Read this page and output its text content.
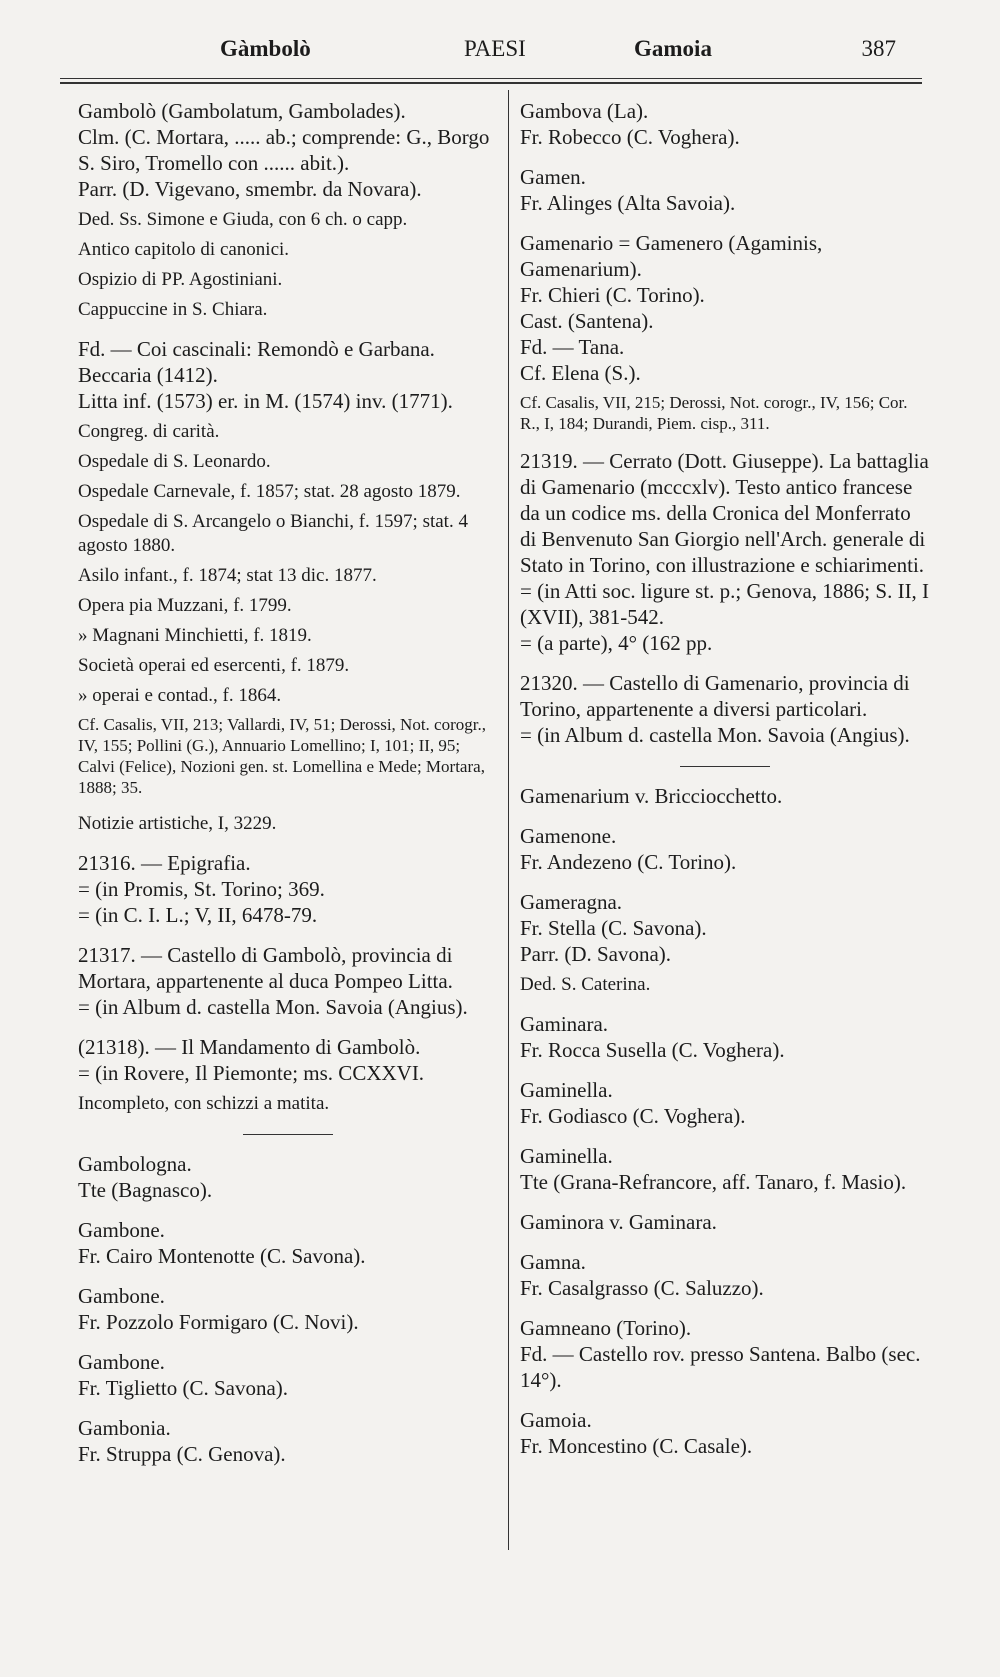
Gàmbolò	PAESI	Gamoia	387

Gambolò (Gambolatum, Gambolades).

Clm. (C. Mortara, ..... ab.; comprende: G., Borgo S. Siro, Tromello con ...... abit.).

Parr. (D. Vigevano, smembr. da Novara).

Ded. Ss. Simone e Giuda, con 6 ch. o capp.

Antico capitolo di canonici.

Ospizio di PP. Agostiniani.

Cappuccine in S. Chiara.

Fd. — Coi cascinali: Remondò e Garbana.

Beccaria (1412).

Litta inf. (1573) er. in M. (1574) inv. (1771).

Congreg. di carità.

Ospedale di S. Leonardo.

Ospedale Carnevale, f. 1857; stat. 28 agosto 1879.

Ospedale di S. Arcangelo o Bianchi, f. 1597; stat. 4 agosto 1880.

Asilo infant., f. 1874; stat 13 dic. 1877.

Opera pia Muzzani, f. 1799.

» Magnani Minchietti, f. 1819.

Società operai ed esercenti, f. 1879.

» operai e contad., f. 1864.

Cf. Casalis, VII, 213; Vallardi, IV, 51; Derossi, Not. corogr., IV, 155; Pollini (G.), Annuario Lomellino; I, 101; II, 95; Calvi (Felice), Nozioni gen. st. Lomellina e Mede; Mortara, 1888; 35.

Notizie artistiche, I, 3229.

21316. — Epigrafia.

= (in Promis, St. Torino; 369.

= (in C. I. L.; V, II, 6478-79.

21317. — Castello di Gambolò, provincia di Mortara, appartenente al duca Pompeo Litta.

= (in Album d. castella Mon. Savoia (Angius).

(21318). — Il Mandamento di Gambolò.

= (in Rovere, Il Piemonte; ms. CCXXVI.

Incompleto, con schizzi a matita.

Gambologna.

Tte (Bagnasco).

Gambone.

Fr. Cairo Montenotte (C. Savona).

Gambone.

Fr. Pozzolo Formigaro (C. Novi).

Gambone.

Fr. Tiglietto (C. Savona).

Gambonia.

Fr. Struppa (C. Genova).

Gambova (La).

Fr. Robecco (C. Voghera).

Gamen.

Fr. Alinges (Alta Savoia).

Gamenario = Gamenero (Agaminis, Gamenarium).

Fr. Chieri (C. Torino).

Cast. (Santena).

Fd. — Tana.

Cf. Elena (S.).

Cf. Casalis, VII, 215; Derossi, Not. corogr., IV, 156; Cor. R., I, 184; Durandi, Piem. cisp., 311.

21319. — Cerrato (Dott. Giuseppe). La battaglia di Gamenario (mcccxlv). Testo antico francese da un codice ms. della Cronica del Monferrato di Benvenuto San Giorgio nell'Arch. generale di Stato in Torino, con illustrazione e schiarimenti.

= (in Atti soc. ligure st. p.; Genova, 1886; S. II, I (XVII), 381-542.

= (a parte), 4° (162 pp.

21320. — Castello di Gamenario, provincia di Torino, appartenente a diversi particolari.

= (in Album d. castella Mon. Savoia (Angius).

Gamenarium v. Bricciocchetto.

Gamenone.

Fr. Andezeno (C. Torino).

Gameragna.

Fr. Stella (C. Savona).

Parr. (D. Savona).

Ded. S. Caterina.

Gaminara.

Fr. Rocca Susella (C. Voghera).

Gaminella.

Fr. Godiasco (C. Voghera).

Gaminella.

Tte (Grana-Refrancore, aff. Tanaro, f. Masio).

Gaminora v. Gaminara.

Gamna.

Fr. Casalgrasso (C. Saluzzo).

Gamneano (Torino).

Fd. — Castello rov. presso Santena. Balbo (sec. 14°).

Gamoia.

Fr. Moncestino (C. Casale).
